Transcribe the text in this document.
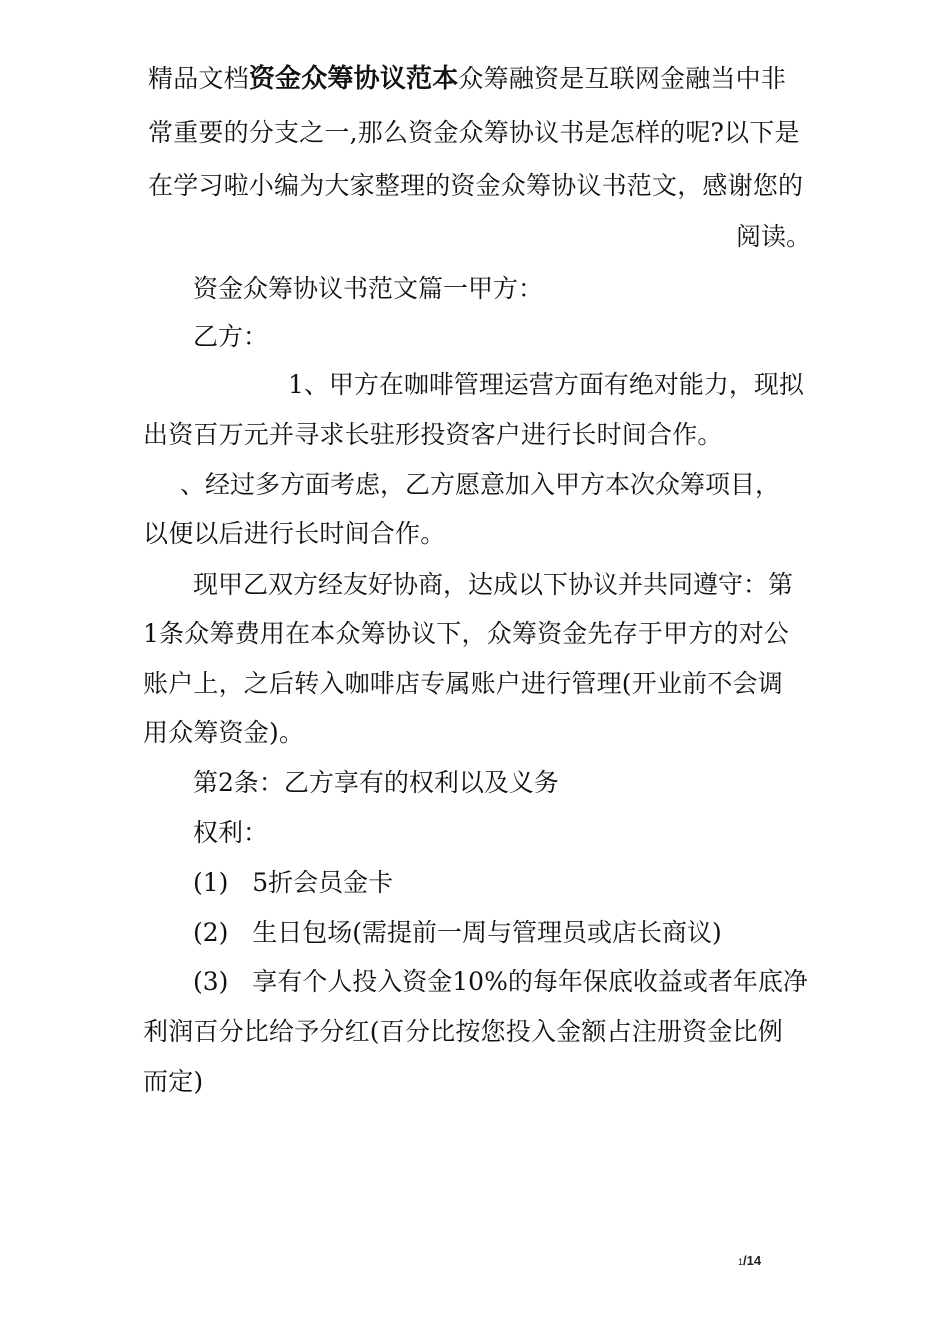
精品文档资金众筹协议范本众筹融资是互联网金融当中非
常重要的分支之一,那么资金众筹协议书是怎样的呢?以下是
在学习啦小编为大家整理的资金众筹协议书范文，感谢您的
阅读。
资金众筹协议书范文篇一甲方：
乙方：
1、甲方在咖啡管理运营方面有绝对能力，现拟
出资百万元并寻求长驻形投资客户进行长时间合作。
、经过多方面考虑，乙方愿意加入甲方本次众筹项目，
以便以后进行长时间合作。
现甲乙双方经友好协商，达成以下协议并共同遵守：第
1条众筹费用在本众筹协议下，众筹资金先存于甲方的对公
账户上，之后转入咖啡店专属账户进行管理(开业前不会调
用众筹资金)。
第2条：乙方享有的权利以及义务
权利：
(1)   5折会员金卡
(2)   生日包场(需提前一周与管理员或店长商议)
(3)   享有个人投入资金10%的每年保底收益或者年底净
利润百分比给予分红(百分比按您投入金额占注册资金比例
而定)
1/14
